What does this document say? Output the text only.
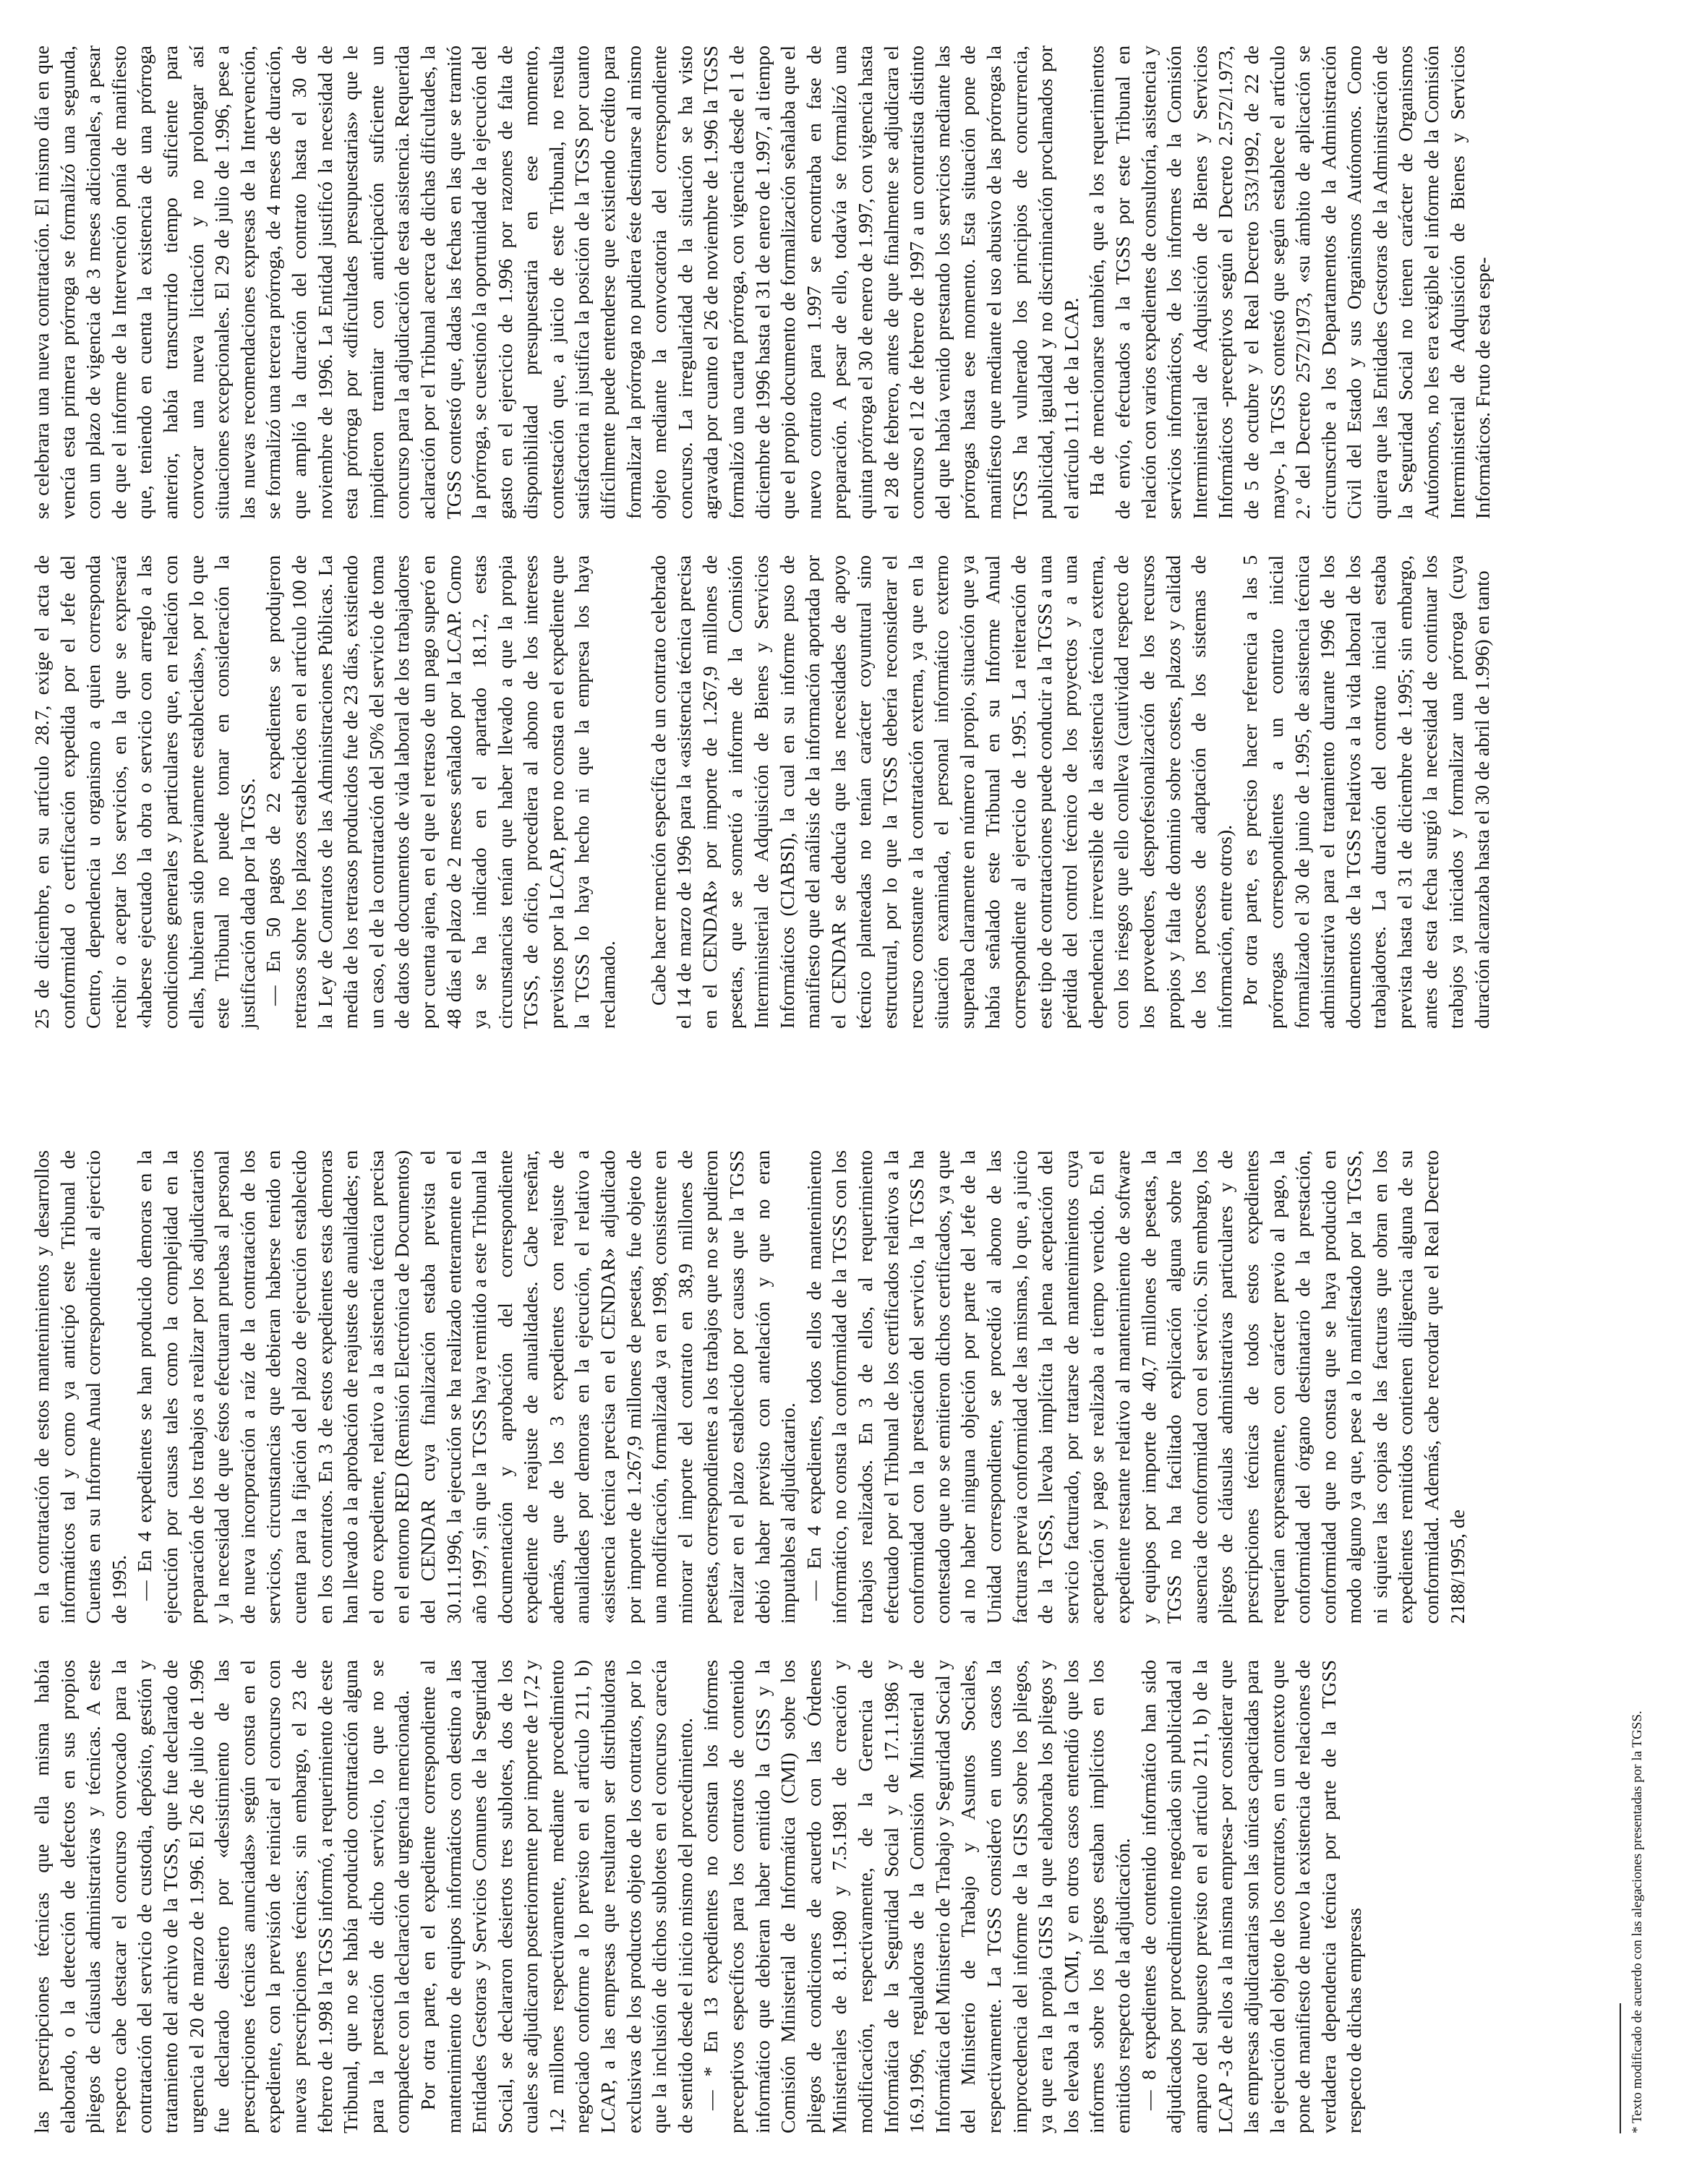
las prescripciones técnicas que ella misma había elaborado, o la detección de defectos en sus propios pliegos de cláusulas administrativas y técnicas. A este respecto cabe destacar el concurso convocado para la contratación del servicio de custodia, depósito, gestión y tratamiento del archivo de la TGSS, que fue declarado de urgencia el 20 de marzo de 1.996. El 26 de julio de 1.996 fue declarado desierto por «desistimiento de las prescripciones técnicas anunciadas» según consta en el expediente, con la previsión de reiniciar el concurso con nuevas prescripciones técnicas; sin embargo, el 23 de febrero de 1.998 la TGSS informó, a requerimiento de este Tribunal, que no se había producido contratación alguna para la prestación de dicho servicio, lo que no se compadece con la declaración de urgencia mencionada. Por otra parte, en el expediente correspondiente al mantenimiento de equipos informáticos con destino a las Entidades Gestoras y Servicios Comunes de la Seguridad Social, se declararon desiertos tres sublotes, dos de los cuales se adjudicaron posteriormente por importe de 17,2 y 1,2 millones respectivamente, mediante procedimiento negociado conforme a lo previsto en el artículo 211, b) LCAP, a las empresas que resultaron ser distribuidoras exclusivas de los productos objeto de los contratos, por lo que la inclusión de dichos sublotes en el concurso carecía de sentido desde el inicio mismo del procedimiento. — * En 13 expedientes no constan los informes preceptivos específicos para los contratos de contenido informático que debieran haber emitido la GISS y la Comisión Ministerial de Informática (CMI) sobre los pliegos de condiciones de acuerdo con las Órdenes Ministeriales de 8.1.1980 y 7.5.1981 de creación y modificación, respectivamente, de la Gerencia de Informática de la Seguridad Social y de 17.1.1986 y 16.9.1996, reguladoras de la Comisión Ministerial de Informática del Ministerio de Trabajo y Seguridad Social y del Ministerio de Trabajo y Asuntos Sociales, respectivamente. La TGSS consideró en unos casos la improcedencia del informe de la GISS sobre los pliegos, ya que era la propia GISS la que elaboraba los pliegos y los elevaba a la CMI, y en otros casos entendió que los informes sobre los pliegos estaban implícitos en los emitidos respecto de la adjudicación. — 8 expedientes de contenido informático han sido adjudicados por procedimiento negociado sin publicidad al amparo del supuesto previsto en el artículo 211, b) de la LCAP -3 de ellos a la misma empresa- por considerar que las empresas adjudicatarias son las únicas capacitadas para la ejecución del objeto de los contratos, en un contexto que pone de manifiesto de nuevo la existencia de relaciones de verdadera dependencia técnica por parte de la TGSS respecto de dichas empresas	* Texto modificado de acuerdo con las alegaciones presentadas por la TGSS.

en la contratación de estos mantenimientos y desarrollos informáticos tal y como ya anticipó este Tribunal de Cuentas en su Informe Anual correspondiente al ejercicio de 1995. — En 4 expedientes se han producido demoras en la ejecución por causas tales como la complejidad en la preparación de los trabajos a realizar por los adjudicatarios y la necesidad de que éstos efectuaran pruebas al personal de nueva incorporación a raíz de la contratación de los servicios, circunstancias que debieran haberse tenido en cuenta para la fijación del plazo de ejecución establecido en los contratos. En 3 de estos expedientes estas demoras han llevado a la aprobación de reajustes de anualidades; en el otro expediente, relativo a la asistencia técnica precisa en el entorno RED (Remisión Electrónica de Documentos) del CENDAR cuya finalización estaba prevista el 30.11.1996, la ejecución se ha realizado enteramente en el año 1997, sin que la TGSS haya remitido a este Tribunal la documentación y aprobación del correspondiente expediente de reajuste de anualidades. Cabe reseñar, además, que de los 3 expedientes con reajuste de anualidades por demoras en la ejecución, el relativo a «asistencia técnica precisa en el CENDAR» adjudicado por importe de 1.267,9 millones de pesetas, fue objeto de una modificación, formalizada ya en 1998, consistente en minorar el importe del contrato en 38,9 millones de pesetas, correspondientes a los trabajos que no se pudieron realizar en el plazo establecido por causas que la TGSS debió haber previsto con antelación y que no eran imputables al adjudicatario. — En 4 expedientes, todos ellos de mantenimiento informático, no consta la conformidad de la TGSS con los trabajos realizados. En 3 de ellos, al requerimiento efectuado por el Tribunal de los certificados relativos a la conformidad con la prestación del servicio, la TGSS ha contestado que no se emitieron dichos certificados, ya que al no haber ninguna objeción por parte del Jefe de la Unidad correspondiente, se procedió al abono de las facturas previa conformidad de las mismas, lo que, a juicio de la TGSS, llevaba implícita la plena aceptación del servicio facturado, por tratarse de mantenimientos cuya aceptación y pago se realizaba a tiempo vencido. En el expediente restante relativo al mantenimiento de software y equipos por importe de 40,7 millones de pesetas, la TGSS no ha facilitado explicación alguna sobre la ausencia de conformidad con el servicio. Sin embargo, los pliegos de cláusulas administrativas particulares y de prescripciones técnicas de todos estos expedientes requerían expresamente, con carácter previo al pago, la conformidad del órgano destinatario de la prestación, conformidad que no consta que se haya producido en modo alguno ya que, pese a lo manifestado por la TGSS, ni siquiera las copias de las facturas que obran en los expedientes remitidos contienen diligencia alguna de su conformidad. Además, cabe recordar que el Real Decreto 2188/1995, de

25 de diciembre, en su artículo 28.7, exige el acta de conformidad o certificación expedida por el Jefe del Centro, dependencia u organismo a quien corresponda recibir o aceptar los servicios, en la que se expresará «haberse ejecutado la obra o servicio con arreglo a las condiciones generales y particulares que, en relación con ellas, hubieran sido previamente establecidas», por lo que este Tribunal no puede tomar en consideración la justificación dada por la TGSS. — En 50 pagos de 22 expedientes se produjeron retrasos sobre los plazos establecidos en el artículo 100 de la Ley de Contratos de las Administraciones Públicas. La media de los retrasos producidos fue de 23 días, existiendo un caso, el de la contratación del 50% del servicio de toma de datos de documentos de vida laboral de los trabajadores por cuenta ajena, en el que el retraso de un pago superó en 48 días el plazo de 2 meses señalado por la LCAP. Como ya se ha indicado en el apartado 18.1.2, estas circunstancias tenían que haber llevado a que la propia TGSS, de oficio, procediera al abono de los intereses previstos por la LCAP, pero no consta en el expediente que la TGSS lo haya hecho ni que la empresa los haya reclamado. Cabe hacer mención específica de un contrato celebrado el 14 de marzo de 1996 para la «asistencia técnica precisa en el CENDAR» por importe de 1.267,9 millones de pesetas, que se sometió a informe de la Comisión Interministerial de Adquisición de Bienes y Servicios Informáticos (CIABSI), la cual en su informe puso de manifiesto que del análisis de la información aportada por el CENDAR se deducía que las necesidades de apoyo técnico planteadas no tenían carácter coyuntural sino estructural, por lo que la TGSS debería reconsiderar el recurso constante a la contratación externa, ya que en la situación examinada, el personal informático externo superaba claramente en número al propio, situación que ya había señalado este Tribunal en su Informe Anual correspondiente al ejercicio de 1.995. La reiteración de este tipo de contrataciones puede conducir a la TGSS a una pérdida del control técnico de los proyectos y a una dependencia irreversible de la asistencia técnica externa, con los riesgos que ello conlleva (cautividad respecto de los proveedores, desprofesionalización de los recursos propios y falta de dominio sobre costes, plazos y calidad de los procesos de adaptación de los sistemas de información, entre otros). Por otra parte, es preciso hacer referencia a las 5 prórrogas correspondientes a un contrato inicial formalizado el 30 de junio de 1.995, de asistencia técnica administrativa para el tratamiento durante 1996 de los documentos de la TGSS relativos a la vida laboral de los trabajadores. La duración del contrato inicial estaba prevista hasta el 31 de diciembre de 1.995; sin embargo, antes de esta fecha surgió la necesidad de continuar los trabajos ya iniciados y formalizar una prórroga (cuya duración alcanzaba hasta el 30 de abril de 1.996) en tanto

se celebrara una nueva contratación. El mismo día en que vencía esta primera prórroga se formalizó una segunda, con un plazo de vigencia de 3 meses adicionales, a pesar de que el informe de la Intervención ponía de manifiesto que, teniendo en cuenta la existencia de una prórroga anterior, había transcurrido tiempo suficiente para convocar una nueva licitación y no prolongar así situaciones excepcionales. El 29 de julio de 1.996, pese a las nuevas recomendaciones expresas de la Intervención, se formalizó una tercera prórroga, de 4 meses de duración, que amplió la duración del contrato hasta el 30 de noviembre de 1996. La Entidad justificó la necesidad de esta prórroga por «dificultades presupuestarias» que le impidieron tramitar con anticipación suficiente un concurso para la adjudicación de esta asistencia. Requerida aclaración por el Tribunal acerca de dichas dificultades, la TGSS contestó que, dadas las fechas en las que se tramitó la prórroga, se cuestionó la oportunidad de la ejecución del gasto en el ejercicio de 1.996 por razones de falta de disponibilidad presupuestaria en ese momento, contestación que, a juicio de este Tribunal, no resulta satisfactoria ni justifica la posición de la TGSS por cuanto difícilmente puede entenderse que existiendo crédito para formalizar la prórroga no pudiera éste destinarse al mismo objeto mediante la convocatoria del correspondiente concurso. La irregularidad de la situación se ha visto agravada por cuanto el 26 de noviembre de 1.996 la TGSS formalizó una cuarta prórroga, con vigencia desde el 1 de diciembre de 1996 hasta el 31 de enero de 1.997, al tiempo que el propio documento de formalización señalaba que el nuevo contrato para 1.997 se encontraba en fase de preparación. A pesar de ello, todavía se formalizó una quinta prórroga el 30 de enero de 1.997, con vigencia hasta el 28 de febrero, antes de que finalmente se adjudicara el concurso el 12 de febrero de 1997 a un contratista distinto del que había venido prestando los servicios mediante las prórrogas hasta ese momento. Esta situación pone de manifiesto que mediante el uso abusivo de las prórrogas la TGSS ha vulnerado los principios de concurrencia, publicidad, igualdad y no discriminación proclamados por el artículo 11.1 de la LCAP. Ha de mencionarse también, que a los requerimientos de envío, efectuados a la TGSS por este Tribunal en relación con varios expedientes de consultoría, asistencia y servicios informáticos, de los informes de la Comisión Interministerial de Adquisición de Bienes y Servicios Informáticos -preceptivos según el Decreto 2.572/1.973, de 5 de octubre y el Real Decreto 533/1992, de 22 de mayo-, la TGSS contestó que según establece el artículo 2.º del Decreto 2572/1973, «su ámbito de aplicación se circunscribe a los Departamentos de la Administración Civil del Estado y sus Organismos Autónomos. Como quiera que las Entidades Gestoras de la Administración de la Seguridad Social no tienen carácter de Organismos Autónomos, no les era exigible el informe de la Comisión Interministerial de Adquisición de Bienes y Servicios Informáticos. Fruto de esta espe-
